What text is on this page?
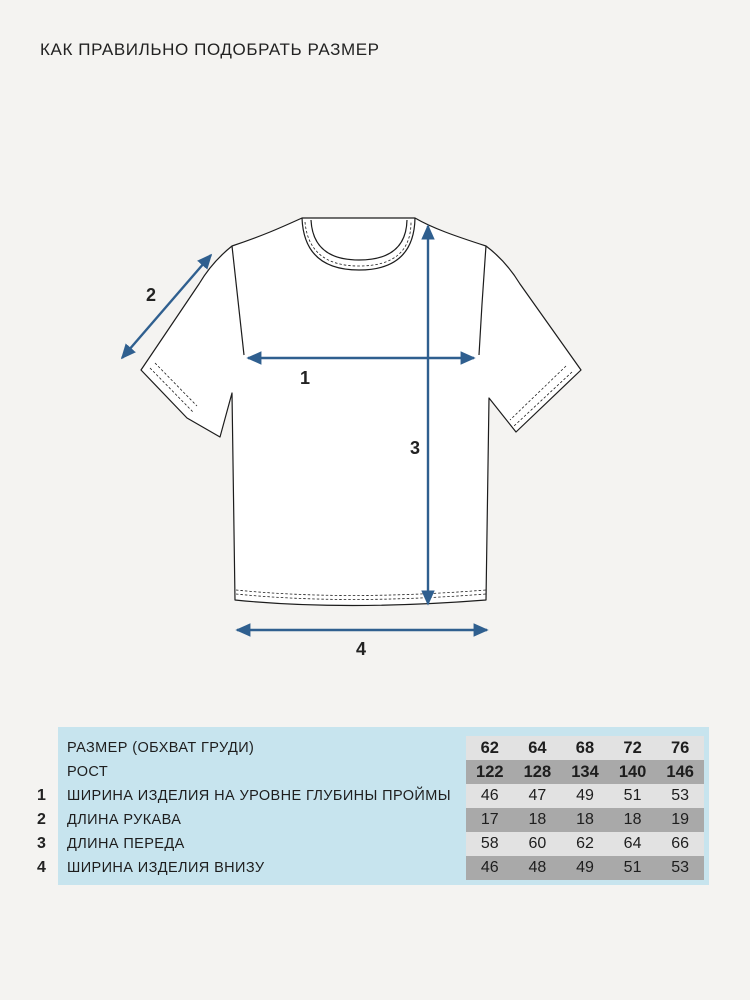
КАК ПРАВИЛЬНО ПОДОБРАТЬ РАЗМЕР
1
2
3
4
РАЗМЕР (ОБХВАТ ГРУДИ)	62	64	68	72	76
РОСТ	122	128	134	140	146
ШИРИНА ИЗДЕЛИЯ НА УРОВНЕ ГЛУБИНЫ ПРОЙМЫ	46	47	49	51	53
ДЛИНА РУКАВА	17	18	18	18	19
ДЛИНА ПЕРЕДА	58	60	62	64	66
ШИРИНА ИЗДЕЛИЯ ВНИЗУ	46	48	49	51	53
1
2
3
4
